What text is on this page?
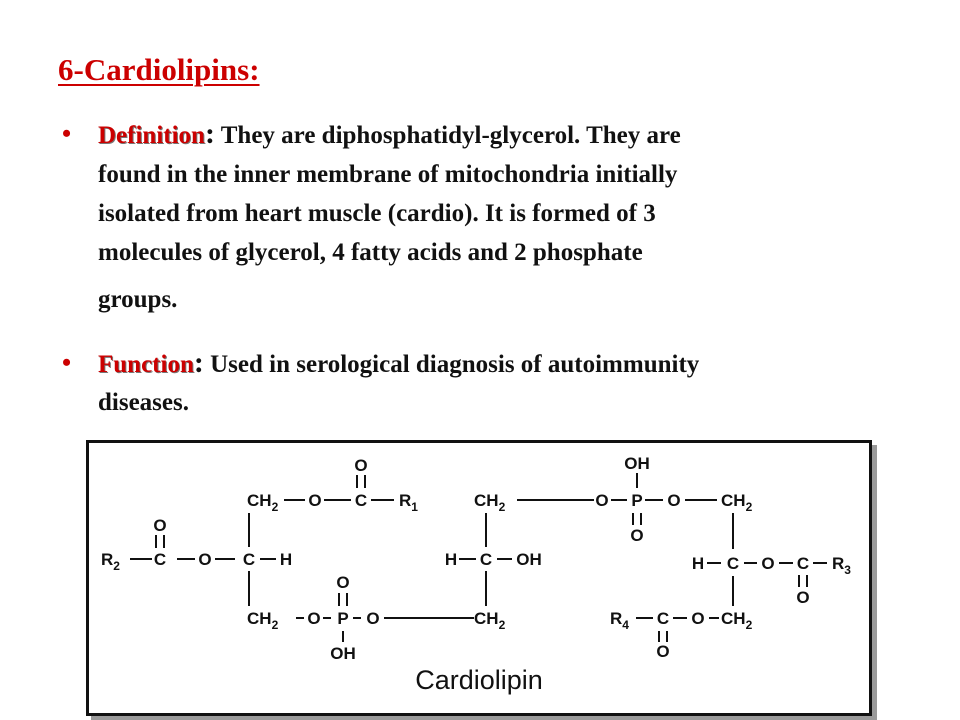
6-Cardiolipins:
•	Definition: They are diphosphatidyl-glycerol. They are
found in the inner membrane of mitochondria initially
isolated from heart muscle (cardio). It is formed of 3
molecules of glycerol, 4 fatty acids and 2 phosphate
groups.
•	Function: Used in serological diagnosis of autoimmunity
diseases.
O
$CH_2$ O C $R_1$
O
$R_2$ C O C H
O
$CH_2$ O P O
OH
$CH_2$
H C OH
$CH_2$
OH
O P O
O
$CH_2$
H C O C $R_3$
O
$R_4$ C O $CH_2$
O
Cardiolipin
